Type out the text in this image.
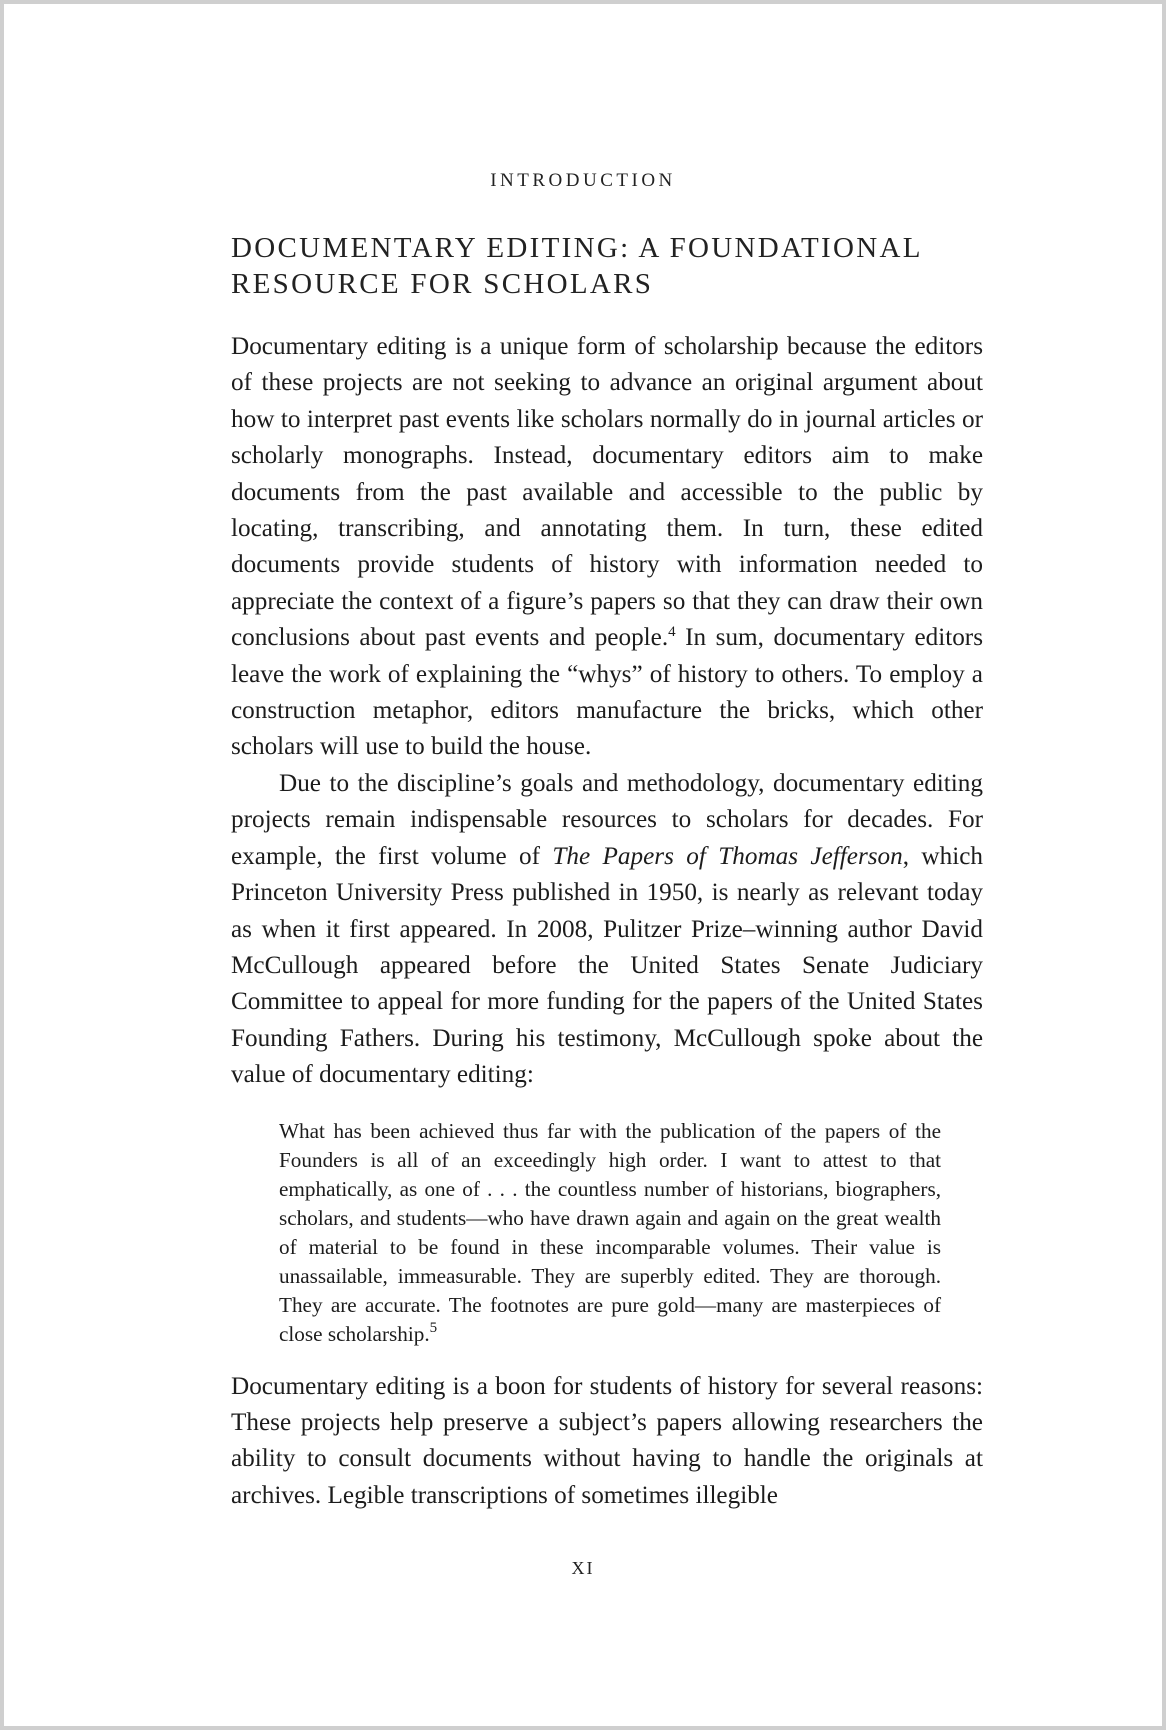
INTRODUCTION
DOCUMENTARY EDITING: A FOUNDATIONAL
RESOURCE FOR SCHOLARS

Documentary editing is a unique form of scholarship because the editors of these projects are not seeking to advance an original argument about how to interpret past events like scholars normally do in journal articles or scholarly monographs. Instead, documentary editors aim to make documents from the past available and accessible to the public by locating, transcribing, and annotating them. In turn, these edited documents provide students of history with information needed to appreciate the context of a figure’s papers so that they can draw their own conclusions about past events and people.$^4$ In sum, documentary editors leave the work of explaining the “whys” of history to others. To employ a construction metaphor, editors manufacture the bricks, which other scholars will use to build the house.

Due to the discipline’s goals and methodology, documentary editing projects remain indispensable resources to scholars for decades. For example, the first volume of The Papers of Thomas Jefferson, which Princeton University Press published in 1950, is nearly as relevant today as when it first appeared. In 2008, Pulitzer Prize–winning author David McCullough appeared before the United States Senate Judiciary Committee to appeal for more funding for the papers of the United States Founding Fathers. During his testimony, McCullough spoke about the value of documentary editing:

What has been achieved thus far with the publication of the papers of the Founders is all of an exceedingly high order. I want to attest to that emphatically, as one of . . . the countless number of historians, biographers, scholars, and students—who have drawn again and again on the great wealth of material to be found in these incomparable volumes. Their value is unassailable, immeasurable. They are superbly edited. They are thorough. They are accurate. The footnotes are pure gold—many are masterpieces of close scholarship.$^5$

Documentary editing is a boon for students of history for several reasons: These projects help preserve a subject’s papers allowing researchers the ability to consult documents without having to handle the originals at archives. Legible transcriptions of sometimes illegible

XI
